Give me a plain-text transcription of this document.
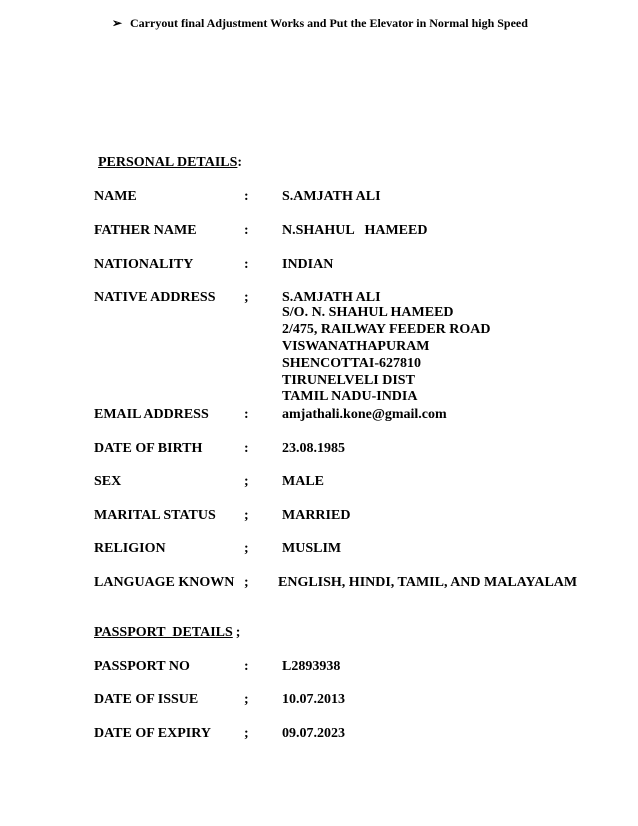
➢ Carryout final Adjustment Works and Put the Elevator in Normal high Speed
PERSONAL DETAILS:
NAME	: S.AMJATH ALI
FATHER NAME	: N.SHAHUL   HAMEED
NATIONALITY	: INDIAN
NATIVE ADDRESS ; S.AMJATH ALI
S/O. N. SHAHUL HAMEED
2/475, RAILWAY FEEDER ROAD
VISWANATHAPURAM
SHENCOTTAI-627810
TIRUNELVELI DIST
TAMIL NADU-INDIA
EMAIL ADDRESS	: amjathali.kone@gmail.com
DATE OF BIRTH	: 23.08.1985
SEX	; MALE
MARITAL STATUS ; MARRIED
RELIGION	; MUSLIM
LANGUAGE KNOWN ; ENGLISH, HINDI, TAMIL, AND MALAYALAM
PASSPORT  DETAILS ;
PASSPORT NO	: L2893938
DATE OF ISSUE	; 10.07.2013
DATE OF EXPIRY ; 09.07.2023
